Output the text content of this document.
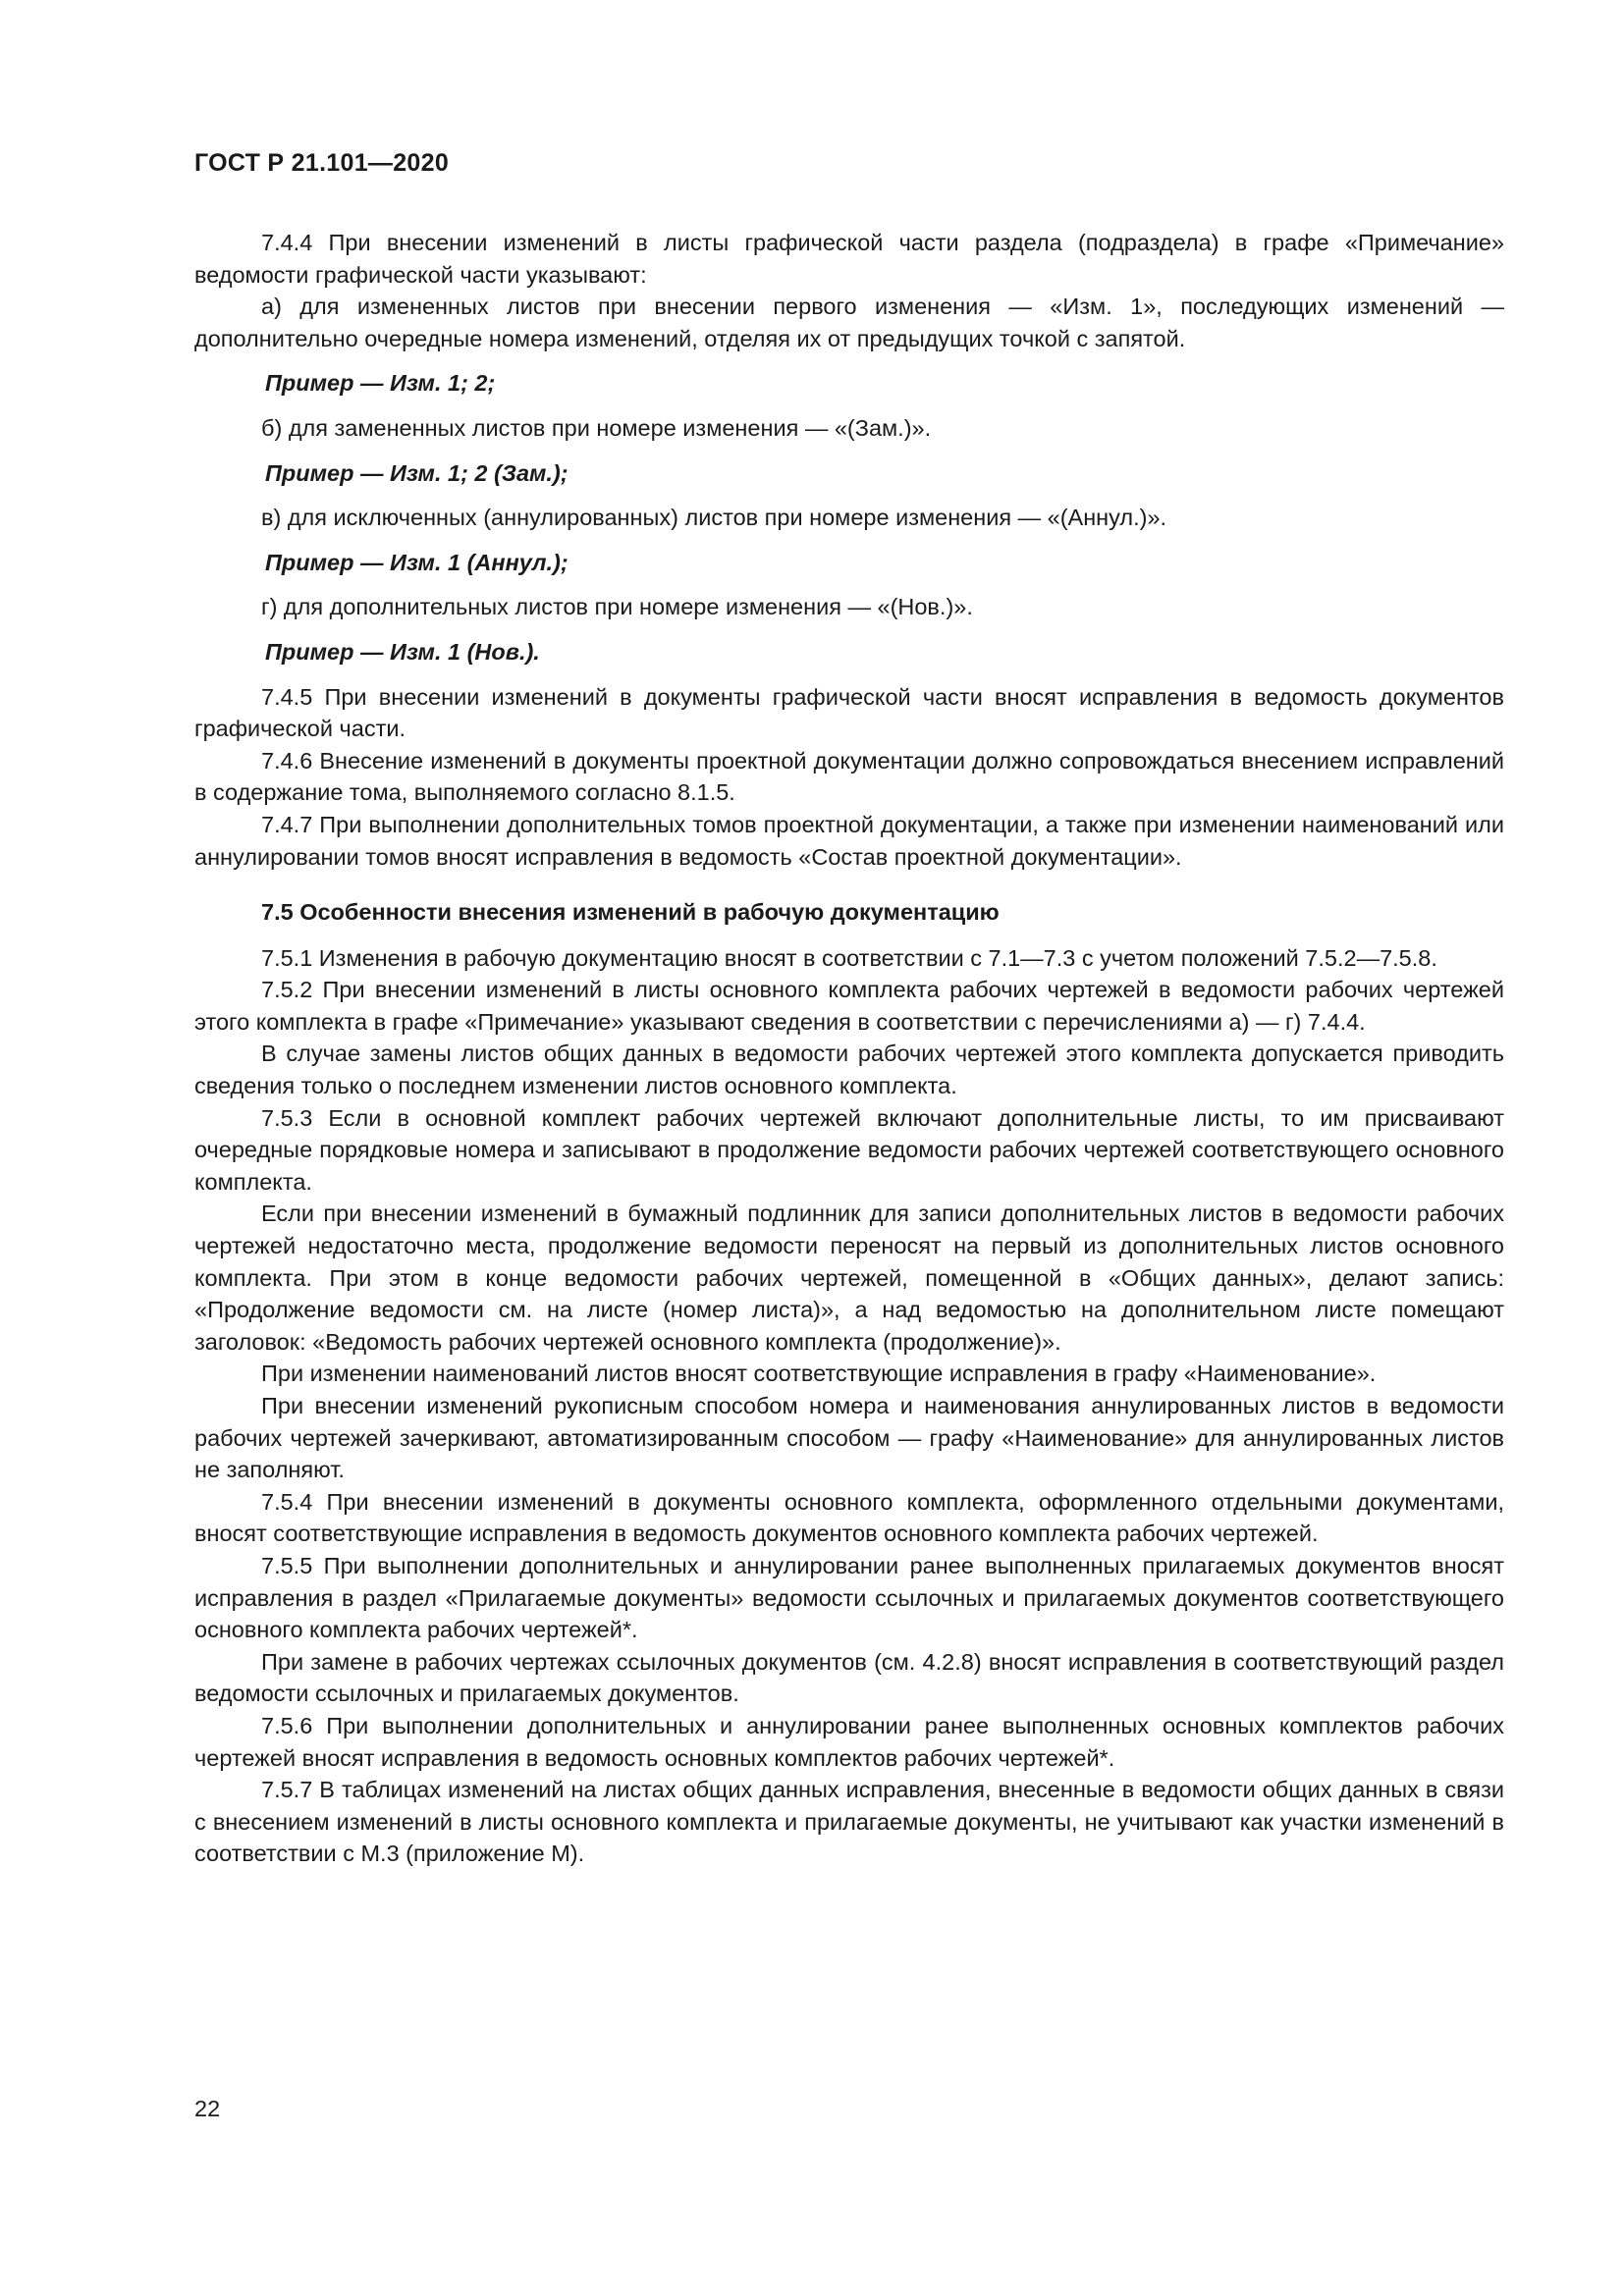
ГОСТ Р 21.101—2020

7.4.4 При внесении изменений в листы графической части раздела (подраздела) в графе «Примечание» ведомости графической части указывают:

а) для измененных листов при внесении первого изменения — «Изм. 1», последующих изменений — дополнительно очередные номера изменений, отделяя их от предыдущих точкой с запятой.

Пример — Изм. 1; 2;

б) для замененных листов при номере изменения — «(Зам.)».

Пример — Изм. 1; 2 (Зам.);

в) для исключенных (аннулированных) листов при номере изменения — «(Аннул.)».

Пример — Изм. 1 (Аннул.);

г) для дополнительных листов при номере изменения — «(Нов.)».

Пример — Изм. 1 (Нов.).

7.4.5 При внесении изменений в документы графической части вносят исправления в ведомость документов графической части.

7.4.6 Внесение изменений в документы проектной документации должно сопровождаться внесением исправлений в содержание тома, выполняемого согласно 8.1.5.

7.4.7 При выполнении дополнительных томов проектной документации, а также при изменении наименований или аннулировании томов вносят исправления в ведомость «Состав проектной документации».

7.5 Особенности внесения изменений в рабочую документацию

7.5.1 Изменения в рабочую документацию вносят в соответствии с 7.1—7.3 с учетом положений 7.5.2—7.5.8.

7.5.2 При внесении изменений в листы основного комплекта рабочих чертежей в ведомости рабочих чертежей этого комплекта в графе «Примечание» указывают сведения в соответствии с перечислениями а) — г) 7.4.4.

В случае замены листов общих данных в ведомости рабочих чертежей этого комплекта допускается приводить сведения только о последнем изменении листов основного комплекта.

7.5.3 Если в основной комплект рабочих чертежей включают дополнительные листы, то им присваивают очередные порядковые номера и записывают в продолжение ведомости рабочих чертежей соответствующего основного комплекта.

Если при внесении изменений в бумажный подлинник для записи дополнительных листов в ведомости рабочих чертежей недостаточно места, продолжение ведомости переносят на первый из дополнительных листов основного комплекта. При этом в конце ведомости рабочих чертежей, помещенной в «Общих данных», делают запись: «Продолжение ведомости см. на листе (номер листа)», а над ведомостью на дополнительном листе помещают заголовок: «Ведомость рабочих чертежей основного комплекта (продолжение)».

При изменении наименований листов вносят соответствующие исправления в графу «Наименование».

При внесении изменений рукописным способом номера и наименования аннулированных листов в ведомости рабочих чертежей зачеркивают, автоматизированным способом — графу «Наименование» для аннулированных листов не заполняют.

7.5.4 При внесении изменений в документы основного комплекта, оформленного отдельными документами, вносят соответствующие исправления в ведомость документов основного комплекта рабочих чертежей.

7.5.5 При выполнении дополнительных и аннулировании ранее выполненных прилагаемых документов вносят исправления в раздел «Прилагаемые документы» ведомости ссылочных и прилагаемых документов соответствующего основного комплекта рабочих чертежей*.

При замене в рабочих чертежах ссылочных документов (см. 4.2.8) вносят исправления в соответствующий раздел ведомости ссылочных и прилагаемых документов.

7.5.6 При выполнении дополнительных и аннулировании ранее выполненных основных комплектов рабочих чертежей вносят исправления в ведомость основных комплектов рабочих чертежей*.

7.5.7 В таблицах изменений на листах общих данных исправления, внесенные в ведомости общих данных в связи с внесением изменений в листы основного комплекта и прилагаемые документы, не учитывают как участки изменений в соответствии с М.3 (приложение М).

22
